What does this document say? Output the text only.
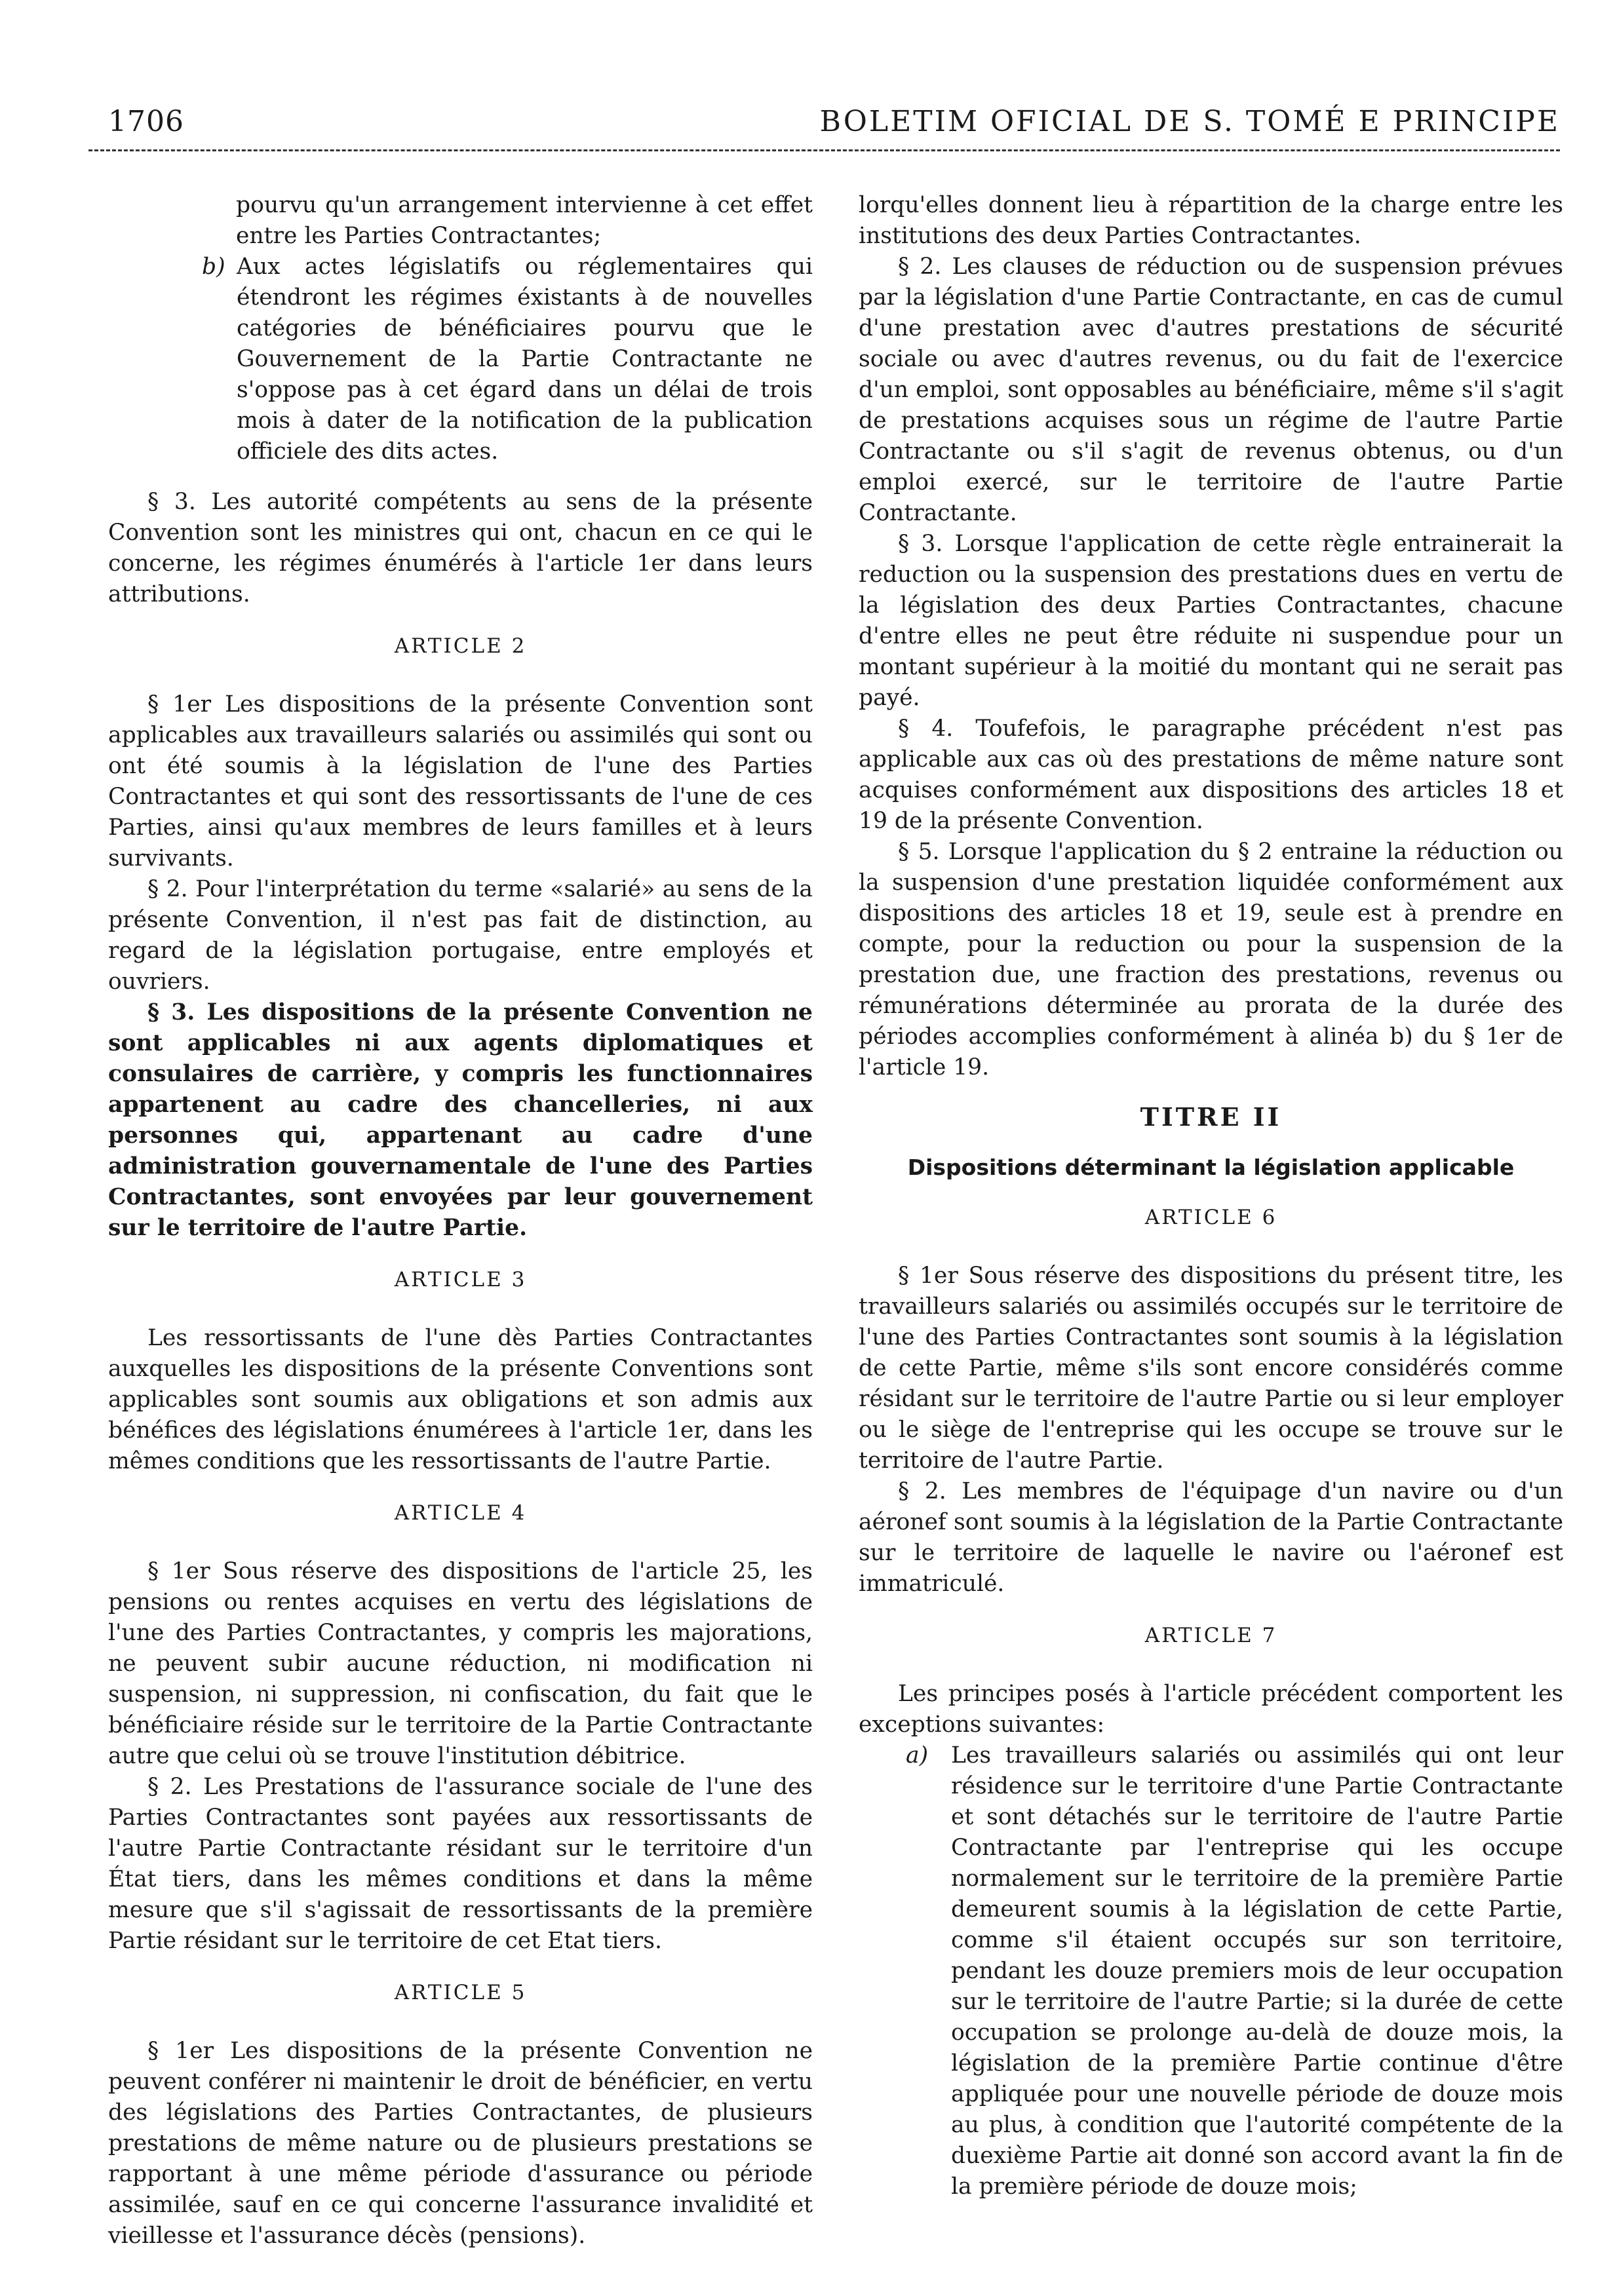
1706	BOLETIM OFICIAL DE S. TOMÉ E PRINCIPE

pourvu qu'un arrangement intervienne à cet effet entre les Parties Contractantes;

b) Aux actes législatifs ou réglementaires qui étendront les régimes éxistants à de nouvelles catégories de bénéficiaires pourvu que le Gouvernement de la Partie Contractante ne s'oppose pas à cet égard dans un délai de trois mois à dater de la notification de la publication officiele des dits actes.

§ 3. Les autorité compétents au sens de la présente Convention sont les ministres qui ont, chacun en ce qui le concerne, les régimes énumérés à l'article 1er dans leurs attributions.

ARTICLE 2

§ 1er Les dispositions de la présente Convention sont applicables aux travailleurs salariés ou assimilés qui sont ou ont été soumis à la législation de l'une des Parties Contractantes et qui sont des ressortissants de l'une de ces Parties, ainsi qu'aux membres de leurs familles et à leurs survivants.

§ 2. Pour l'interprétation du terme «salarié» au sens de la présente Convention, il n'est pas fait de distinction, au regard de la législation portugaise, entre employés et ouvriers.

§ 3. Les dispositions de la présente Convention ne sont applicables ni aux agents diplomatiques et consulaires de carrière, y compris les functionnaires appartenent au cadre des chancelleries, ni aux personnes qui, appartenant au cadre d'une administration gouvernamentale de l'une des Parties Contractantes, sont envoyées par leur gouvernement sur le territoire de l'autre Partie.

ARTICLE 3

Les ressortissants de l'une dès Parties Contractantes auxquelles les dispositions de la présente Conventions sont applicables sont soumis aux obligations et son admis aux bénéfices des législations énumérees à l'article 1er, dans les mêmes conditions que les ressortissants de l'autre Partie.

ARTICLE 4

§ 1er Sous réserve des dispositions de l'article 25, les pensions ou rentes acquises en vertu des législations de l'une des Parties Contractantes, y compris les majorations, ne peuvent subir aucune réduction, ni modification ni suspension, ni suppression, ni confiscation, du fait que le bénéficiaire réside sur le territoire de la Partie Contractante autre que celui où se trouve l'institution débitrice.

§ 2. Les Prestations de l'assurance sociale de l'une des Parties Contractantes sont payées aux ressortissants de l'autre Partie Contractante résidant sur le territoire d'un État tiers, dans les mêmes conditions et dans la même mesure que s'il s'agissait de ressortissants de la première Partie résidant sur le territoire de cet Etat tiers.

ARTICLE 5

§ 1er Les dispositions de la présente Convention ne peuvent conférer ni maintenir le droit de bénéficier, en vertu des législations des Parties Contractantes, de plusieurs prestations de même nature ou de plusieurs prestations se rapportant à une même période d'assurance ou période assimilée, sauf en ce qui concerne l'assurance invalidité et vieillesse et l'assurance décès (pensions).

lorqu'elles donnent lieu à répartition de la charge entre les institutions des deux Parties Contractantes.

§ 2. Les clauses de réduction ou de suspension prévues par la législation d'une Partie Contractante, en cas de cumul d'une prestation avec d'autres prestations de sécurité sociale ou avec d'autres revenus, ou du fait de l'exercice d'un emploi, sont opposables au bénéficiaire, même s'il s'agit de prestations acquises sous un régime de l'autre Partie Contractante ou s'il s'agit de revenus obtenus, ou d'un emploi exercé, sur le territoire de l'autre Partie Contractante.

§ 3. Lorsque l'application de cette règle entrainerait la reduction ou la suspension des prestations dues en vertu de la législation des deux Parties Contractantes, chacune d'entre elles ne peut être réduite ni suspendue pour un montant supérieur à la moitié du montant qui ne serait pas payé.

§ 4. Toufefois, le paragraphe précédent n'est pas applicable aux cas où des prestations de même nature sont acquises conformément aux dispositions des articles 18 et 19 de la présente Convention.

§ 5. Lorsque l'application du § 2 entraine la réduction ou la suspension d'une prestation liquidée conformément aux dispositions des articles 18 et 19, seule est à prendre en compte, pour la reduction ou pour la suspension de la prestation due, une fraction des prestations, revenus ou rémunérations déterminée au prorata de la durée des périodes accomplies conformément à alinéa b) du § 1er de l'article 19.

TITRE II
Dispositions déterminant la législation applicable
ARTICLE 6

§ 1er Sous réserve des dispositions du présent titre, les travailleurs salariés ou assimilés occupés sur le territoire de l'une des Parties Contractantes sont soumis à la législation de cette Partie, même s'ils sont encore considérés comme résidant sur le territoire de l'autre Partie ou si leur employer ou le siège de l'entreprise qui les occupe se trouve sur le territoire de l'autre Partie.

§ 2. Les membres de l'équipage d'un navire ou d'un aéronef sont soumis à la législation de la Partie Contractante sur le territoire de laquelle le navire ou l'aéronef est immatriculé.

ARTICLE 7

Les principes posés à l'article précédent comportent les exceptions suivantes:

a) Les travailleurs salariés ou assimilés qui ont leur résidence sur le territoire d'une Partie Contractante et sont détachés sur le territoire de l'autre Partie Contractante par l'entreprise qui les occupe normalement sur le territoire de la première Partie demeurent soumis à la législation de cette Partie, comme s'il étaient occupés sur son territoire, pendant les douze premiers mois de leur occupation sur le territoire de l'autre Partie; si la durée de cette occupation se prolonge au-delà de douze mois, la législation de la première Partie continue d'être appliquée pour une nouvelle période de douze mois au plus, à condition que l'autorité compétente de la duexième Partie ait donné son accord avant la fin de la première période de douze mois;
